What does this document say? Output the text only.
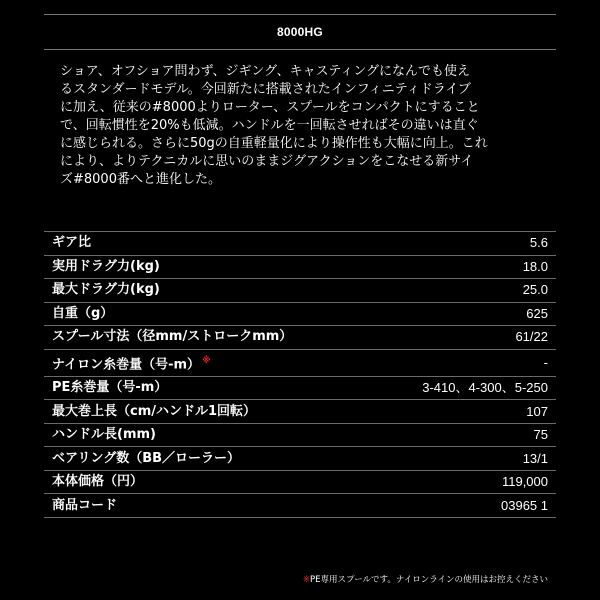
8000HG
ショア、オフショア問わず、ジギング、キャスティングになんでも使え
るスタンダードモデル。今回新たに搭載されたインフィニティドライブ
に加え、従来の#8000よりローター、スプールをコンパクトにすること
で、回転慣性を20%も低減。ハンドルを一回転させればその違いは直ぐ
に感じられる。さらに50gの自重軽量化により操作性も大幅に向上。これ
により、よりテクニカルに思いのままジグアクションをこなせる新サイ
ズ#8000番へと進化した。
ギア比	5.6
実用ドラグ力(kg)	18.0
最大ドラグ力(kg)	25.0
自重（g）	625
スプール寸法（径mm/ストロークmm）	61/22
ナイロン糸巻量（号-m） ※	-
PE糸巻量（号-m）	3-410、4-300、5-250
最大巻上長（cm/ハンドル1回転）	107
ハンドル長(mm)	75
ベアリング数（BB／ローラー）	13/1
本体価格（円）	119,000
商品コード	03965 1
※PE専用スプールです。ナイロンラインの使用はお控えください
